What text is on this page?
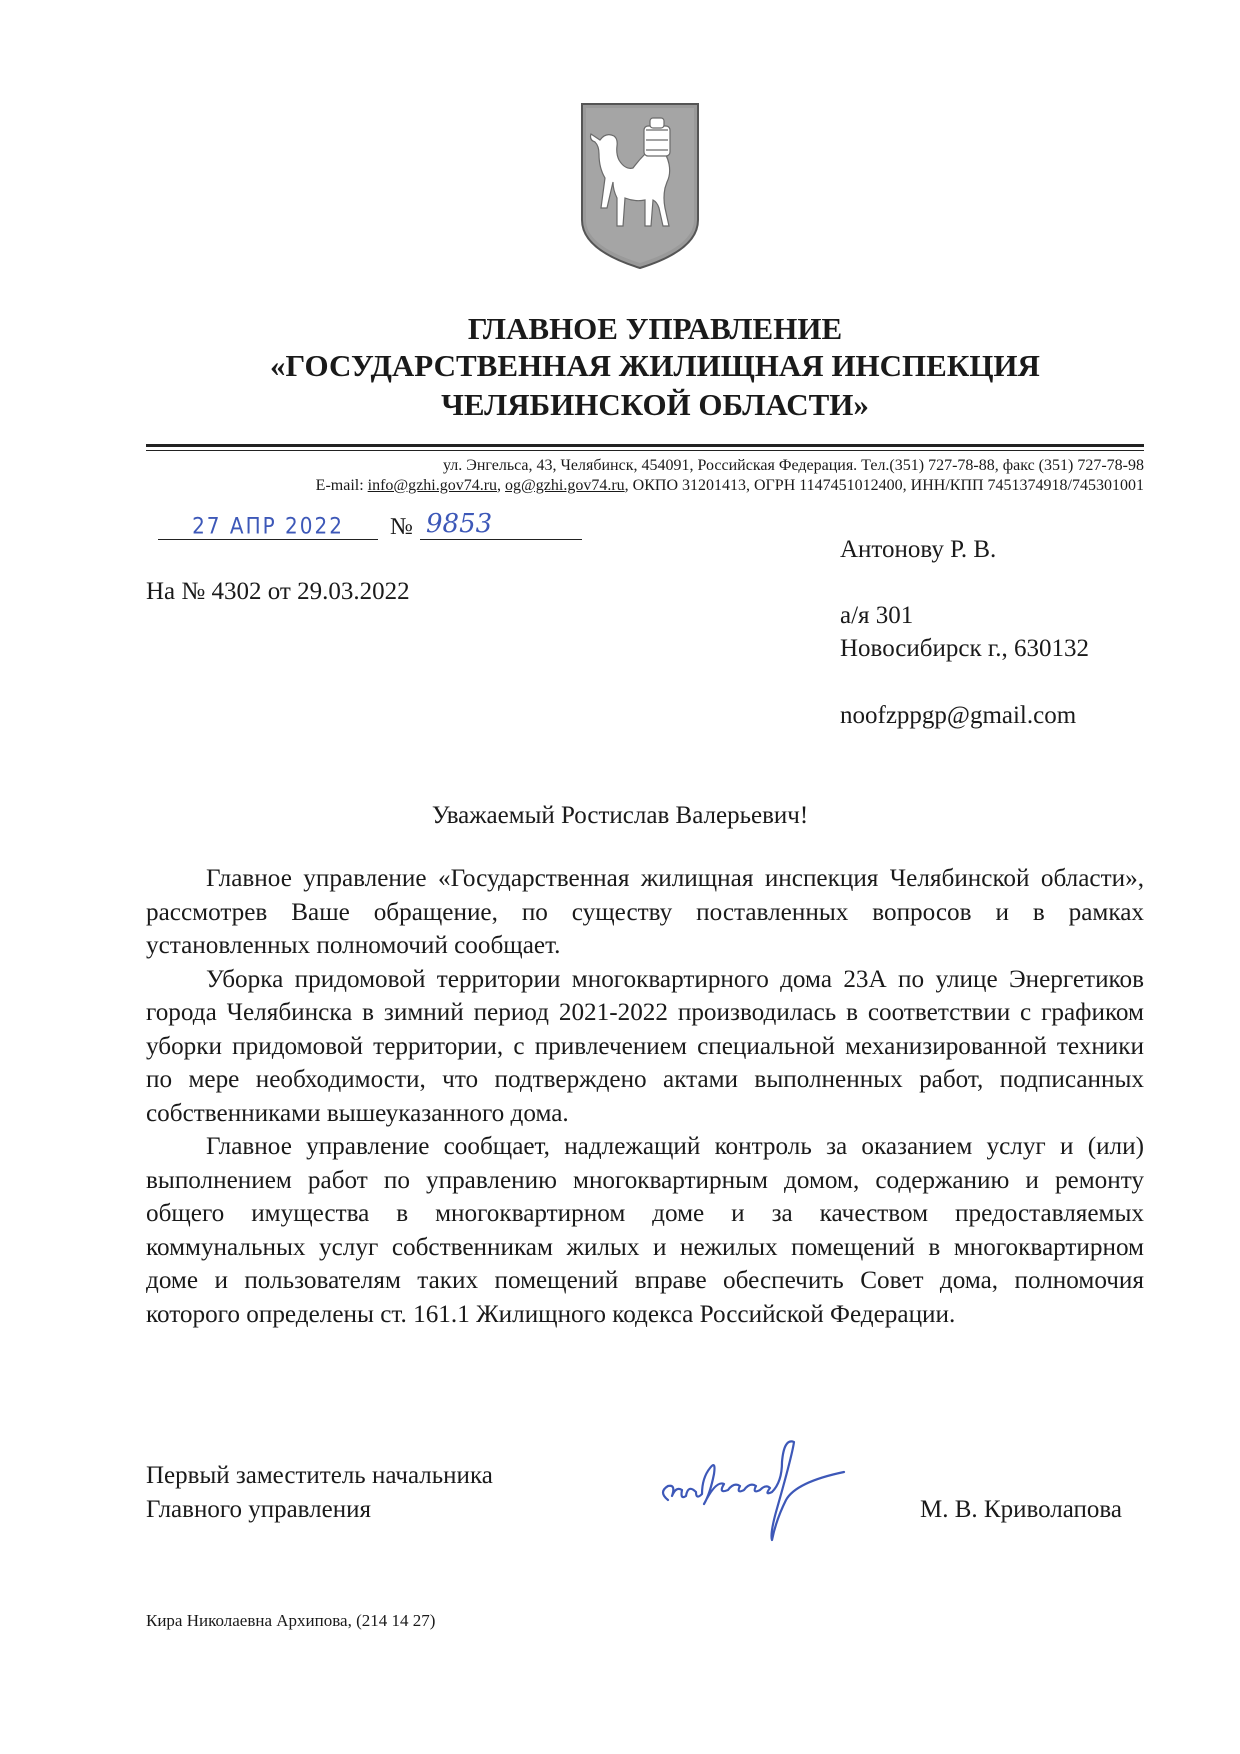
ГЛАВНОЕ УПРАВЛЕНИЕ
«ГОСУДАРСТВЕННАЯ ЖИЛИЩНАЯ ИНСПЕКЦИЯ
ЧЕЛЯБИНСКОЙ ОБЛАСТИ»
ул. Энгельса, 43, Челябинск, 454091, Российская Федерация. Тел.(351) 727-78-88, факс (351) 727-78-98
E-mail: info@gzhi.gov74.ru, og@gzhi.gov74.ru, ОКПО 31201413, ОГРН 1147451012400, ИНН/КПП 7451374918/745301001
27 АПР 2022	№ 9853
На № 4302 от 29.03.2022
Антонову Р. В.
а/я 301
Новосибирск г., 630132
noofzppgp@gmail.com
Уважаемый Ростислав Валерьевич!

Главное управление «Государственная жилищная инспекция Челябинской области», рассмотрев Ваше обращение, по существу поставленных вопросов и в рамках установленных полномочий сообщает.

Уборка придомовой территории многоквартирного дома 23А по улице Энергетиков города Челябинска в зимний период 2021-2022 производилась в соответствии с графиком уборки придомовой территории, с привлечением специальной механизированной техники по мере необходимости, что подтверждено актами выполненных работ, подписанных собственниками вышеуказанного дома.

Главное управление сообщает, надлежащий контроль за оказанием услуг и (или) выполнением работ по управлению многоквартирным домом, содержанию и ремонту общего имущества в многоквартирном доме и за качеством предоставляемых коммунальных услуг собственникам жилых и нежилых помещений в многоквартирном доме и пользователям таких помещений вправе обеспечить Совет дома, полномочия которого определены ст. 161.1 Жилищного кодекса Российской Федерации.

Первый заместитель начальника
Главного управления	М. В. Криволапова
Кира Николаевна Архипова, (214 14 27)
